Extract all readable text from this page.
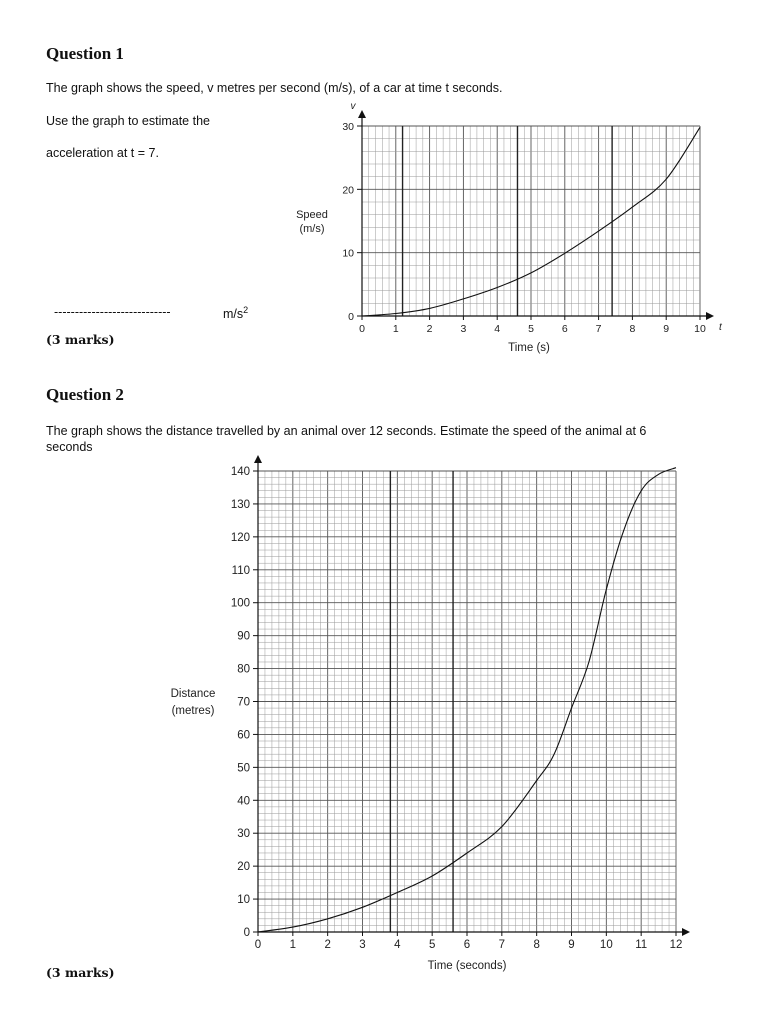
Question 1
The graph shows the speed, v metres per second (m/s), of a car at time t seconds.
Use the graph to estimate the
acceleration at t = 7.
----------------------------	$m/s^2$
(3 marks)
Question 2
The graph shows the distance travelled by an animal over 12 seconds. Estimate the speed of the animal at 6
seconds
(3 marks)
0	1	2	3	4	5	6	7	8	9 10
0
10
20
30
Speed
(m/s)
Time (s)
v
t
0 1 2 3 4 5 6 7 8 9 10 11 12
0
10
20
30
40
50
60
70
80
90
100
110
120
130
140
Distance
(metres)
Time (seconds)
